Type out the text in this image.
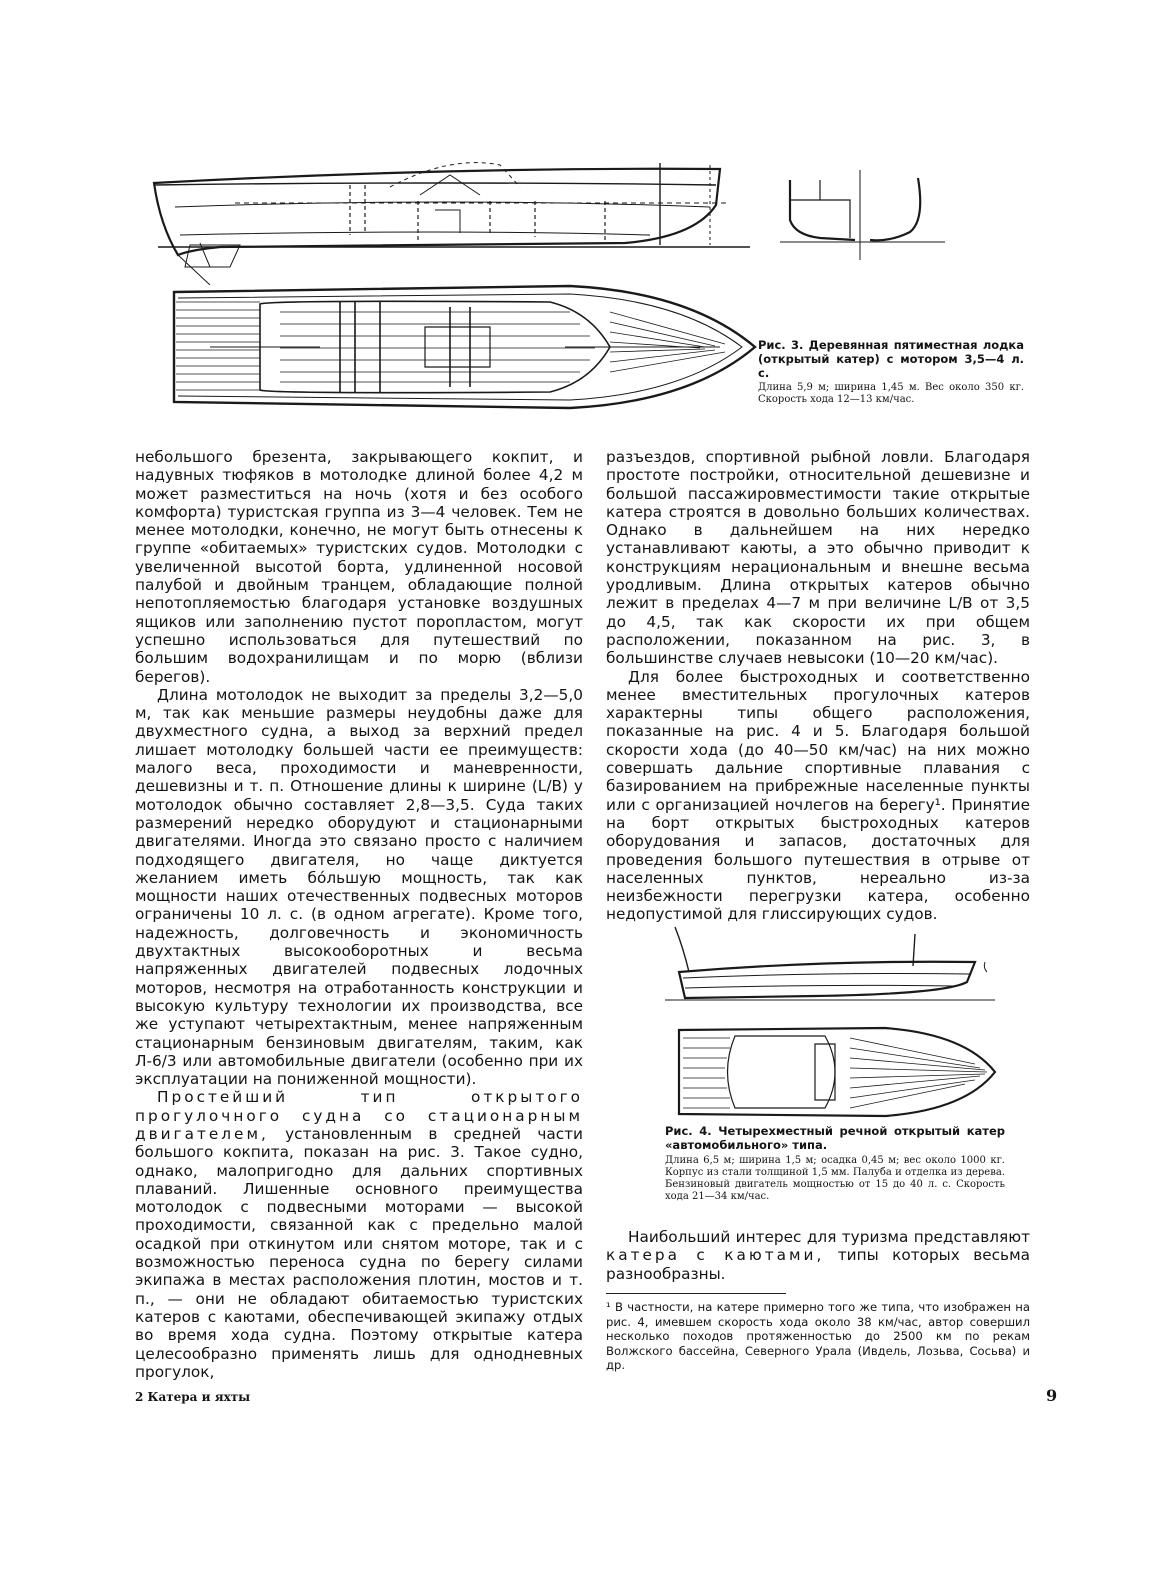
Рис. 3. Деревянная пятиместная лодка (открытый катер) с мотором 3,5—4 л. с.
Длина 5,9 м; ширина 1,45 м. Вес около 350 кг. Скорость хода 12—13 км/час.

небольшого брезента, закрывающего кокпит, и надувных тюфяков в мотолодке длиной более 4,2 м может разместиться на ночь (хотя и без особого комфорта) туристская группа из 3—4 человек. Тем не менее мотолодки, конечно, не могут быть отнесены к группе «обитаемых» туристских судов. Мотолодки с увеличенной высотой борта, удлиненной носовой палубой и двойным транцем, обладающие полной непотопляемостью благодаря установке воздушных ящиков или заполнению пустот поропластом, могут успешно использоваться для путешествий по большим водохранилищам и по морю (вблизи берегов).

Длина мотолодок не выходит за пределы 3,2—5,0 м, так как меньшие размеры неудобны даже для двухместного судна, а выход за верхний предел лишает мотолодку большей части ее преимуществ: малого веса, проходимости и маневренности, дешевизны и т. п. Отношение длины к ширине (L/B) у мотолодок обычно составляет 2,8—3,5. Суда таких размерений нередко оборудуют и стационарными двигателями. Иногда это связано просто с наличием подходящего двигателя, но чаще диктуется желанием иметь бóльшую мощность, так как мощности наших отечественных подвесных моторов ограничены 10 л. с. (в одном агрегате). Кроме того, надежность, долговечность и экономичность двухтактных высокооборотных и весьма напряженных двигателей подвесных лодочных моторов, несмотря на отработанность конструкции и высокую культуру технологии их производства, все же уступают четырехтактным, менее напряженным стационарным бензиновым двигателям, таким, как Л-6/3 или автомобильные двигатели (особенно при их эксплуатации на пониженной мощности).

Простейший тип открытого прогулочного судна со стационарным двигателем, установленным в средней части большого кокпита, показан на рис. 3. Такое судно, однако, малопригодно для дальних спортивных плаваний. Лишенные основного преимущества мотолодок с подвесными моторами — высокой проходимости, связанной как с предельно малой осадкой при откинутом или снятом моторе, так и с возможностью переноса судна по берегу силами экипажа в местах расположения плотин, мостов и т. п., — они не обладают обитаемостью туристских катеров с каютами, обеспечивающей экипажу отдых во время хода судна. Поэтому открытые катера целесообразно применять лишь для однодневных прогулок,

разъездов, спортивной рыбной ловли. Благодаря простоте постройки, относительной дешевизне и большой пассажировместимости такие открытые катера строятся в довольно больших количествах. Однако в дальнейшем на них нередко устанавливают каюты, а это обычно приводит к конструкциям нерациональным и внешне весьма уродливым. Длина открытых катеров обычно лежит в пределах 4—7 м при величине L/B от 3,5 до 4,5, так как скорости их при общем расположении, показанном на рис. 3, в большинстве случаев невысоки (10—20 км/час).

Для более быстроходных и соответственно менее вместительных прогулочных катеров характерны типы общего расположения, показанные на рис. 4 и 5. Благодаря большой скорости хода (до 40—50 км/час) на них можно совершать дальние спортивные плавания с базированием на прибрежные населенные пункты или с организацией ночлегов на берегу¹. Принятие на борт открытых быстроходных катеров оборудования и запасов, достаточных для проведения большого путешествия в отрыве от населенных пунктов, нереально из-за неизбежности перегрузки катера, особенно недопустимой для глиссирующих судов.

Рис. 4. Четырехместный речной открытый катер «автомобильного» типа.
Длина 6,5 м; ширина 1,5 м; осадка 0,45 м; вес около 1000 кг. Корпус из стали толщиной 1,5 мм. Палуба и отделка из дерева. Бензиновый двигатель мощностью от 15 до 40 л. с. Скорость хода 21—34 км/час.

Наибольший интерес для туризма представляют катера с каютами, типы которых весьма разнообразны.

¹ В частности, на катере примерно того же типа, что изображен на рис. 4, имевшем скорость хода около 38 км/час, автор совершил несколько походов протяженностью до 2500 км по рекам Волжского бассейна, Северного Урала (Ивдель, Лозьва, Сосьва) и др.
2 Катера и яхты	9
